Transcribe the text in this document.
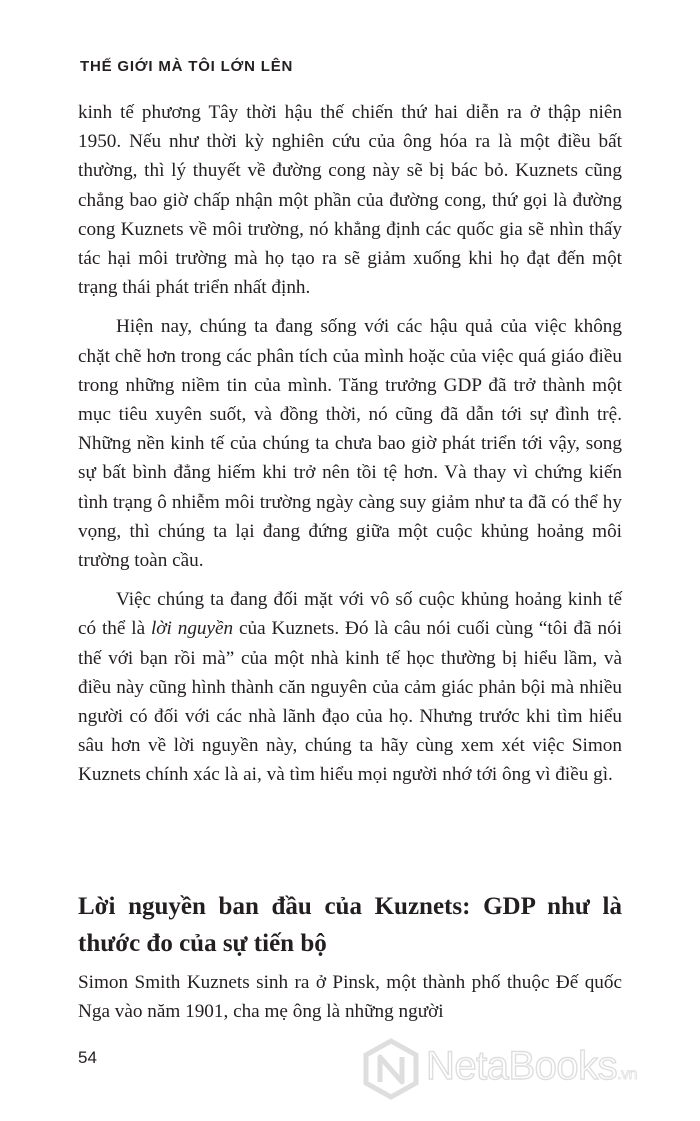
THẾ GIỚI MÀ TÔI LỚN LÊN

kinh tế phương Tây thời hậu thế chiến thứ hai diễn ra ở thập niên 1950. Nếu như thời kỳ nghiên cứu của ông hóa ra là một điều bất thường, thì lý thuyết về đường cong này sẽ bị bác bỏ. Kuznets cũng chẳng bao giờ chấp nhận một phần của đường cong, thứ gọi là đường cong Kuznets về môi trường, nó khẳng định các quốc gia sẽ nhìn thấy tác hại môi trường mà họ tạo ra sẽ giảm xuống khi họ đạt đến một trạng thái phát triển nhất định.

Hiện nay, chúng ta đang sống với các hậu quả của việc không chặt chẽ hơn trong các phân tích của mình hoặc của việc quá giáo điều trong những niềm tin của mình. Tăng trưởng GDP đã trở thành một mục tiêu xuyên suốt, và đồng thời, nó cũng đã dẫn tới sự đình trệ. Những nền kinh tế của chúng ta chưa bao giờ phát triển tới vậy, song sự bất bình đẳng hiếm khi trở nên tồi tệ hơn. Và thay vì chứng kiến tình trạng ô nhiễm môi trường ngày càng suy giảm như ta đã có thể hy vọng, thì chúng ta lại đang đứng giữa một cuộc khủng hoảng môi trường toàn cầu.

Việc chúng ta đang đối mặt với vô số cuộc khủng hoảng kinh tế có thể là lời nguyền của Kuznets. Đó là câu nói cuối cùng “tôi đã nói thế với bạn rồi mà” của một nhà kinh tế học thường bị hiểu lầm, và điều này cũng hình thành căn nguyên của cảm giác phản bội mà nhiều người có đối với các nhà lãnh đạo của họ. Nhưng trước khi tìm hiểu sâu hơn về lời nguyền này, chúng ta hãy cùng xem xét việc Simon Kuznets chính xác là ai, và tìm hiểu mọi người nhớ tới ông vì điều gì.

Lời nguyền ban đầu của Kuznets: GDP như là thước đo của sự tiến bộ
Simon Smith Kuznets sinh ra ở Pinsk, một thành phố thuộc Đế quốc Nga vào năm 1901, cha mẹ ông là những người
54	NetaBooks.vn
